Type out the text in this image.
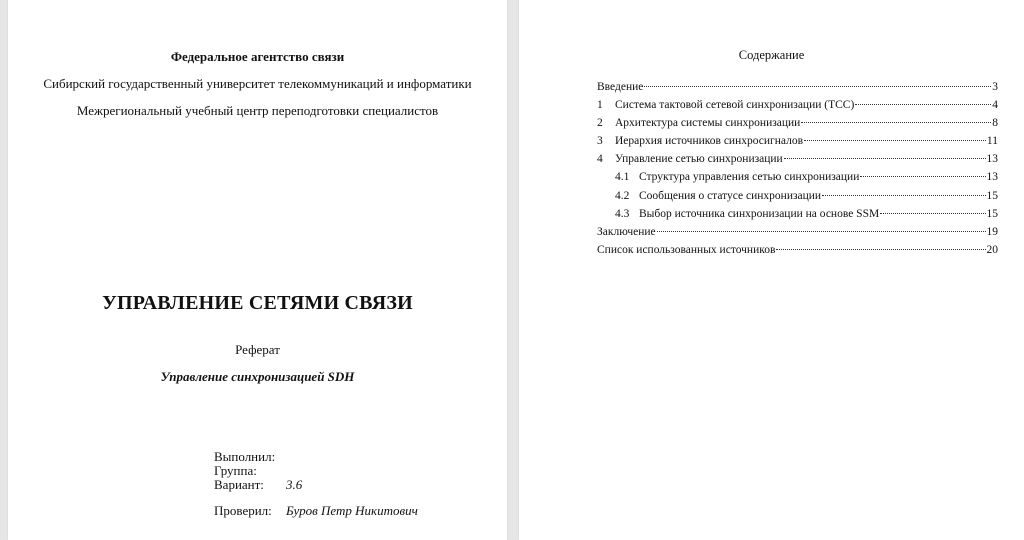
Федеральное агентство связи
Сибирский государственный университет телекоммуникаций и информатики
Межрегиональный учебный центр переподготовки специалистов
УПРАВЛЕНИЕ СЕТЯМИ СВЯЗИ
Реферат
Управление синхронизацией SDH
Выполнил:
Группа:
Вариант: 3.6
Проверил: Буров Петр Никитович
Содержание
Введение	3
1	Система тактовой сетевой синхронизации (ТСС)	4
2	Архитектура системы синхронизации	8
3	Иерархия источников синхросигналов	11
4	Управление сетью синхронизации	13
4.1 Структура управления сетью синхронизации	13
4.2 Сообщения о статусе синхронизации	15
4.3 Выбор источника синхронизации на основе SSM	15
Заключение	19
Список использованных источников	20
